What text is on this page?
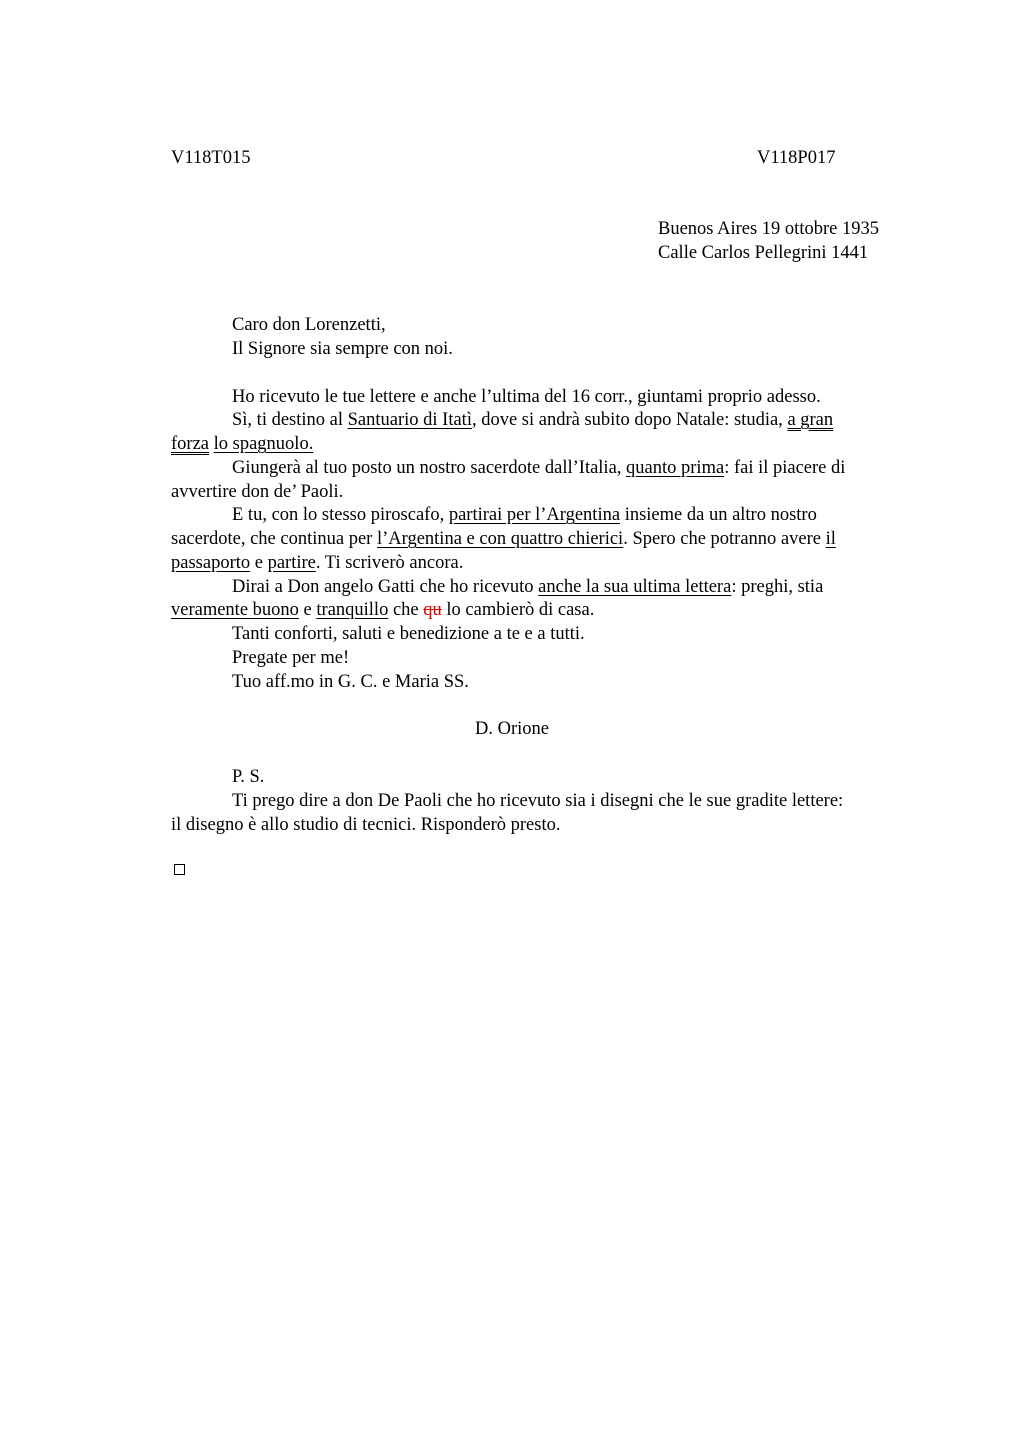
V118T015	V118P017
Buenos Aires 19 ottobre 1935
Calle Carlos Pellegrini 1441
Caro don Lorenzetti,
Il Signore sia sempre con noi.
Ho ricevuto le tue lettere e anche l’ultima del 16 corr., giuntami proprio adesso.
Sì, ti destino al Santuario di Itatì, dove si andrà subito dopo Natale: studia, a gran
forza lo spagnuolo.
Giungerà al tuo posto un nostro sacerdote dall’Italia, quanto prima: fai il piacere di
avvertire don de’ Paoli.
E tu, con lo stesso piroscafo, partirai per l’Argentina insieme da un altro nostro
sacerdote, che continua per l’Argentina e con quattro chierici. Spero che potranno avere il
passaporto e partire. Ti scriverò ancora.
Dirai a Don angelo Gatti che ho ricevuto anche la sua ultima lettera: preghi, stia
veramente buono e tranquillo che qu lo cambierò di casa.
Tanti conforti, saluti e benedizione a te e a tutti.
Pregate per me!
Tuo aff.mo in G. C. e Maria SS.
D. Orione
P. S.
Ti prego dire a don De Paoli che ho ricevuto sia i disegni che le sue gradite lettere:
il disegno è allo studio di tecnici. Risponderò presto.
